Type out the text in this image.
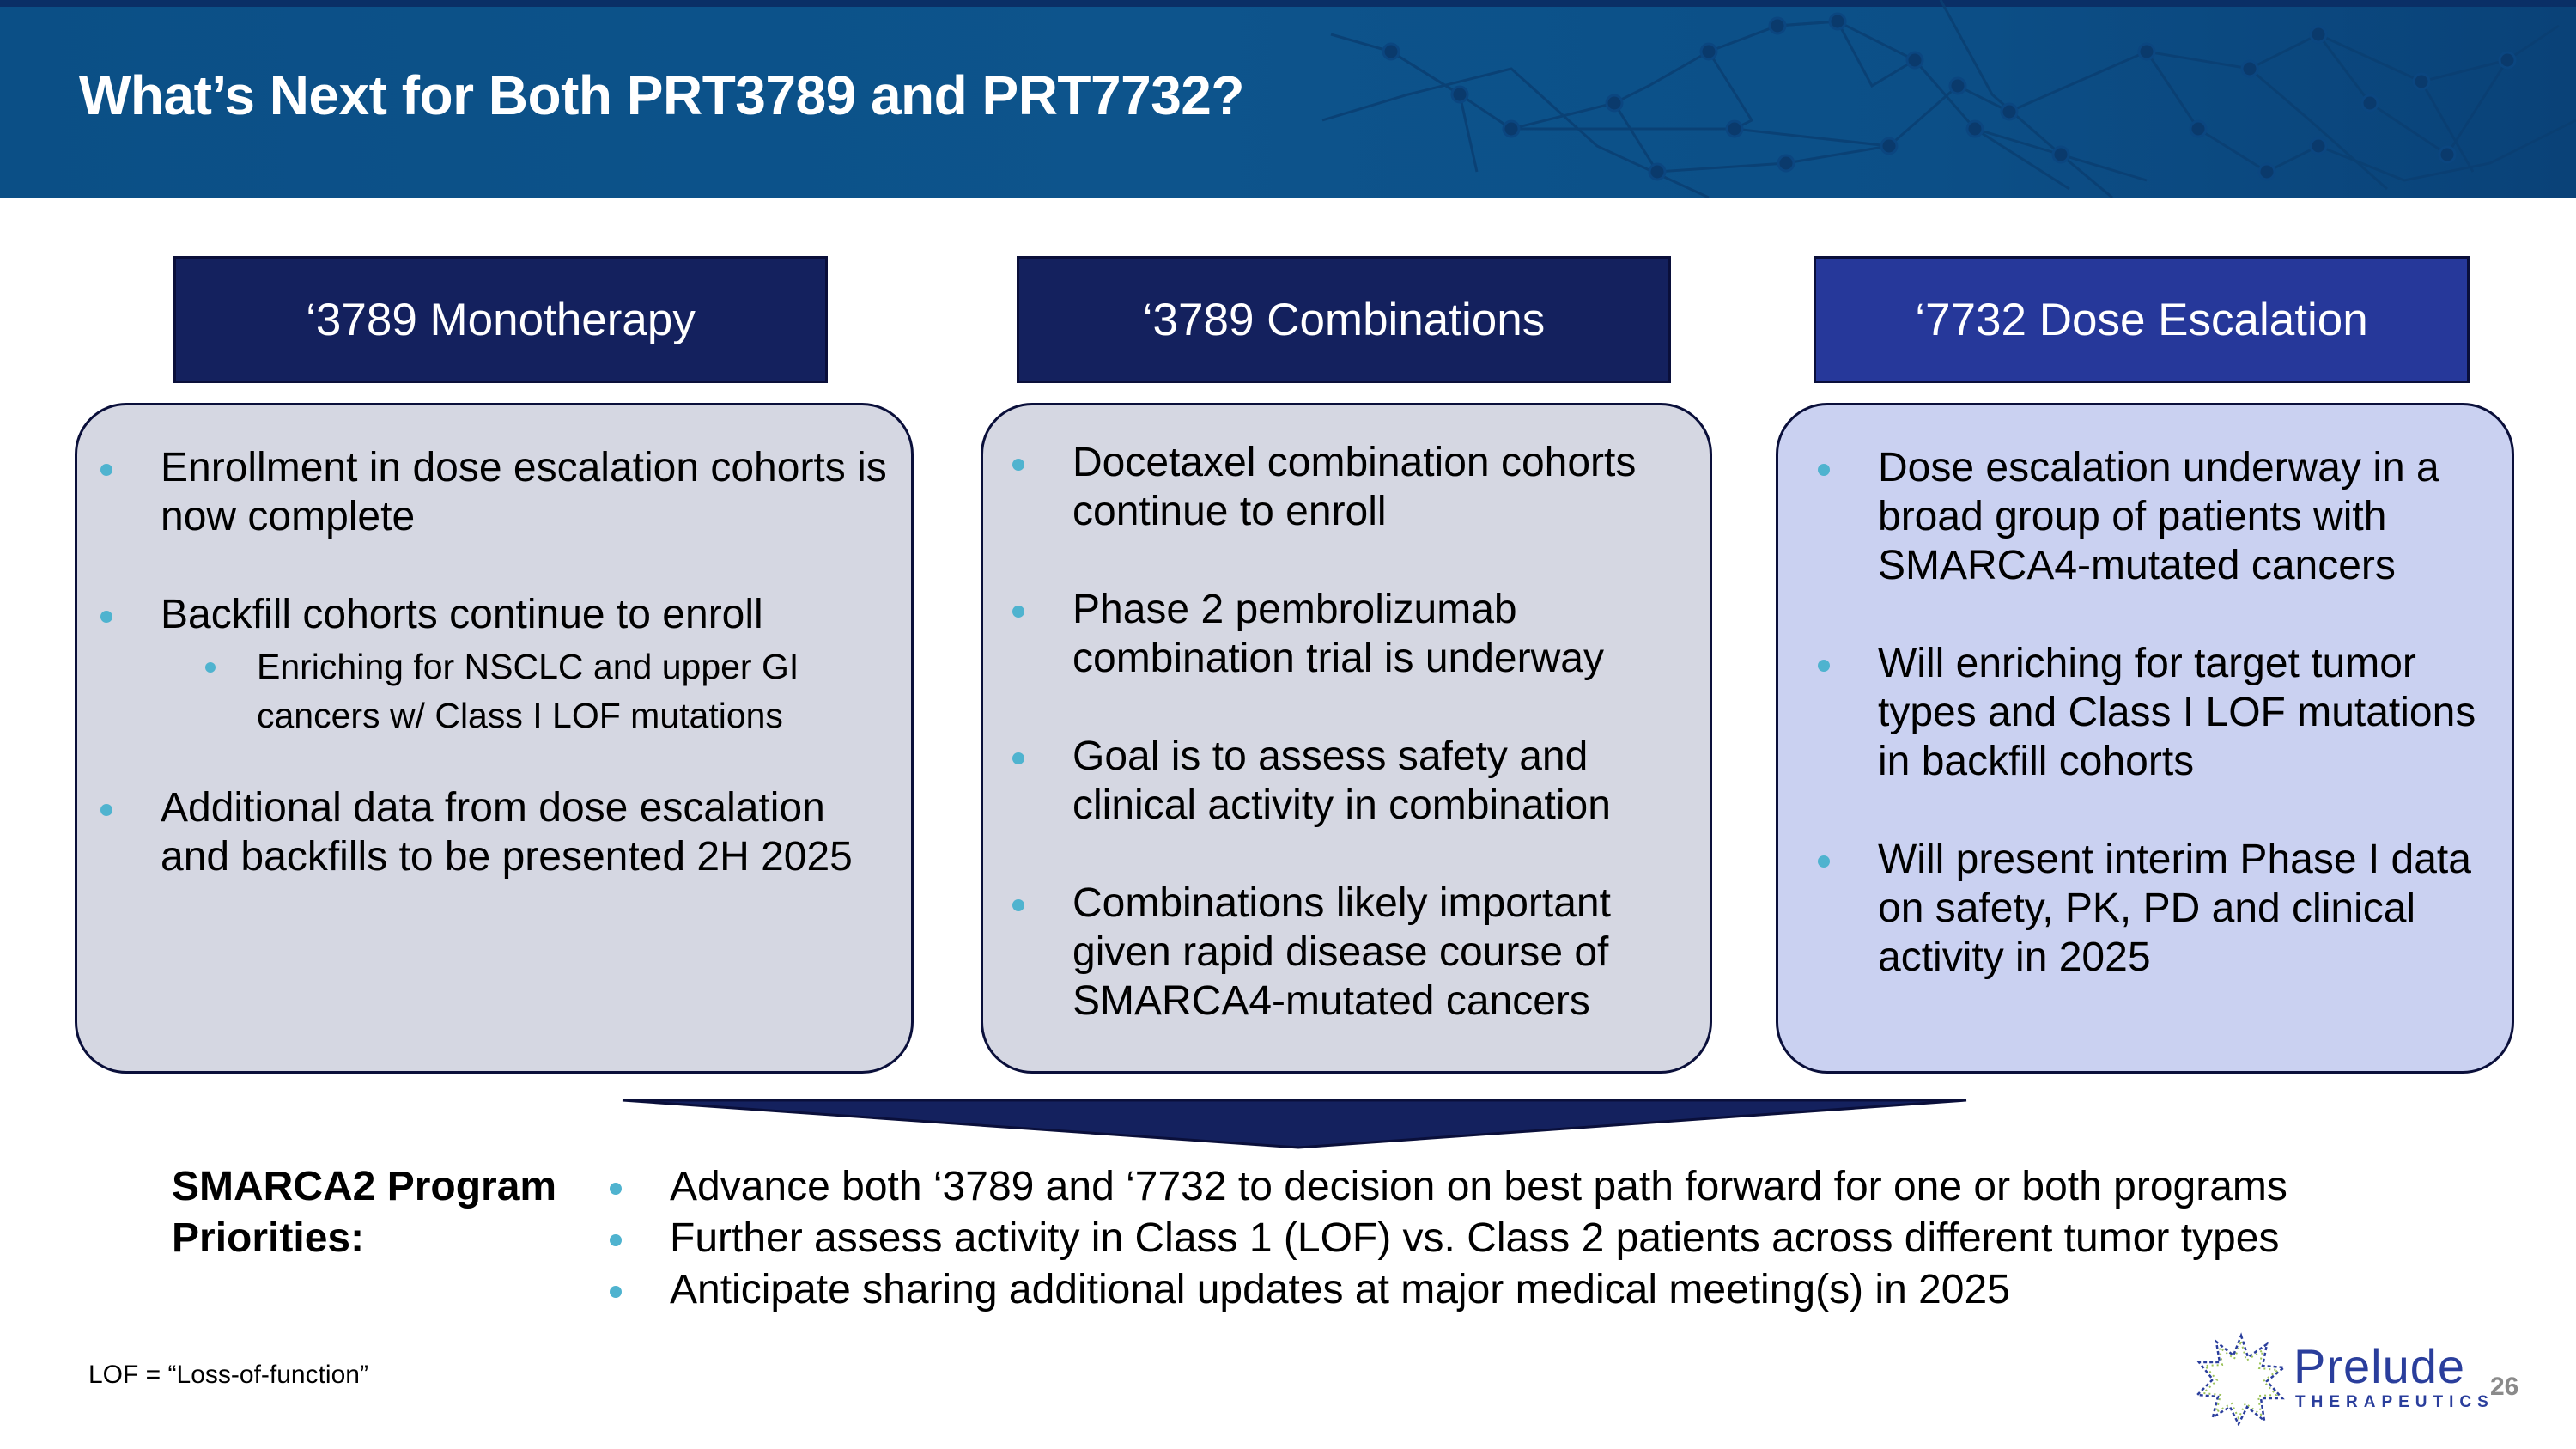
What’s Next for Both PRT3789 and PRT7732?
‘3789 Monotherapy	‘3789 Combinations	‘7732 Dose Escalation
Enrollment in dose escalation cohorts is now complete
Backfill cohorts continue to enroll
Enriching for NSCLC and upper GI cancers w/ Class I LOF mutations
Additional data from dose escalation and backfills to be presented 2H 2025
Docetaxel combination cohorts continue to enroll
Phase 2 pembrolizumab combination trial is underway
Goal is to assess safety and clinical activity in combination
Combinations likely important given rapid disease course of SMARCA4-mutated cancers
Dose escalation underway in a broad group of patients with SMARCA4-mutated cancers
Will enriching for target tumor types and Class I LOF mutations in backfill cohorts
Will present interim Phase I data on safety, PK, PD and clinical activity in 2025
SMARCA2 Program
Priorities:
Advance both ‘3789 and ‘7732 to decision on best path forward for one or both programs
Further assess activity in Class 1 (LOF) vs. Class 2 patients across different tumor types
Anticipate sharing additional updates at major medical meeting(s) in 2025
LOF = “Loss-of-function”	Prelude
THERAPEUTICS
26
